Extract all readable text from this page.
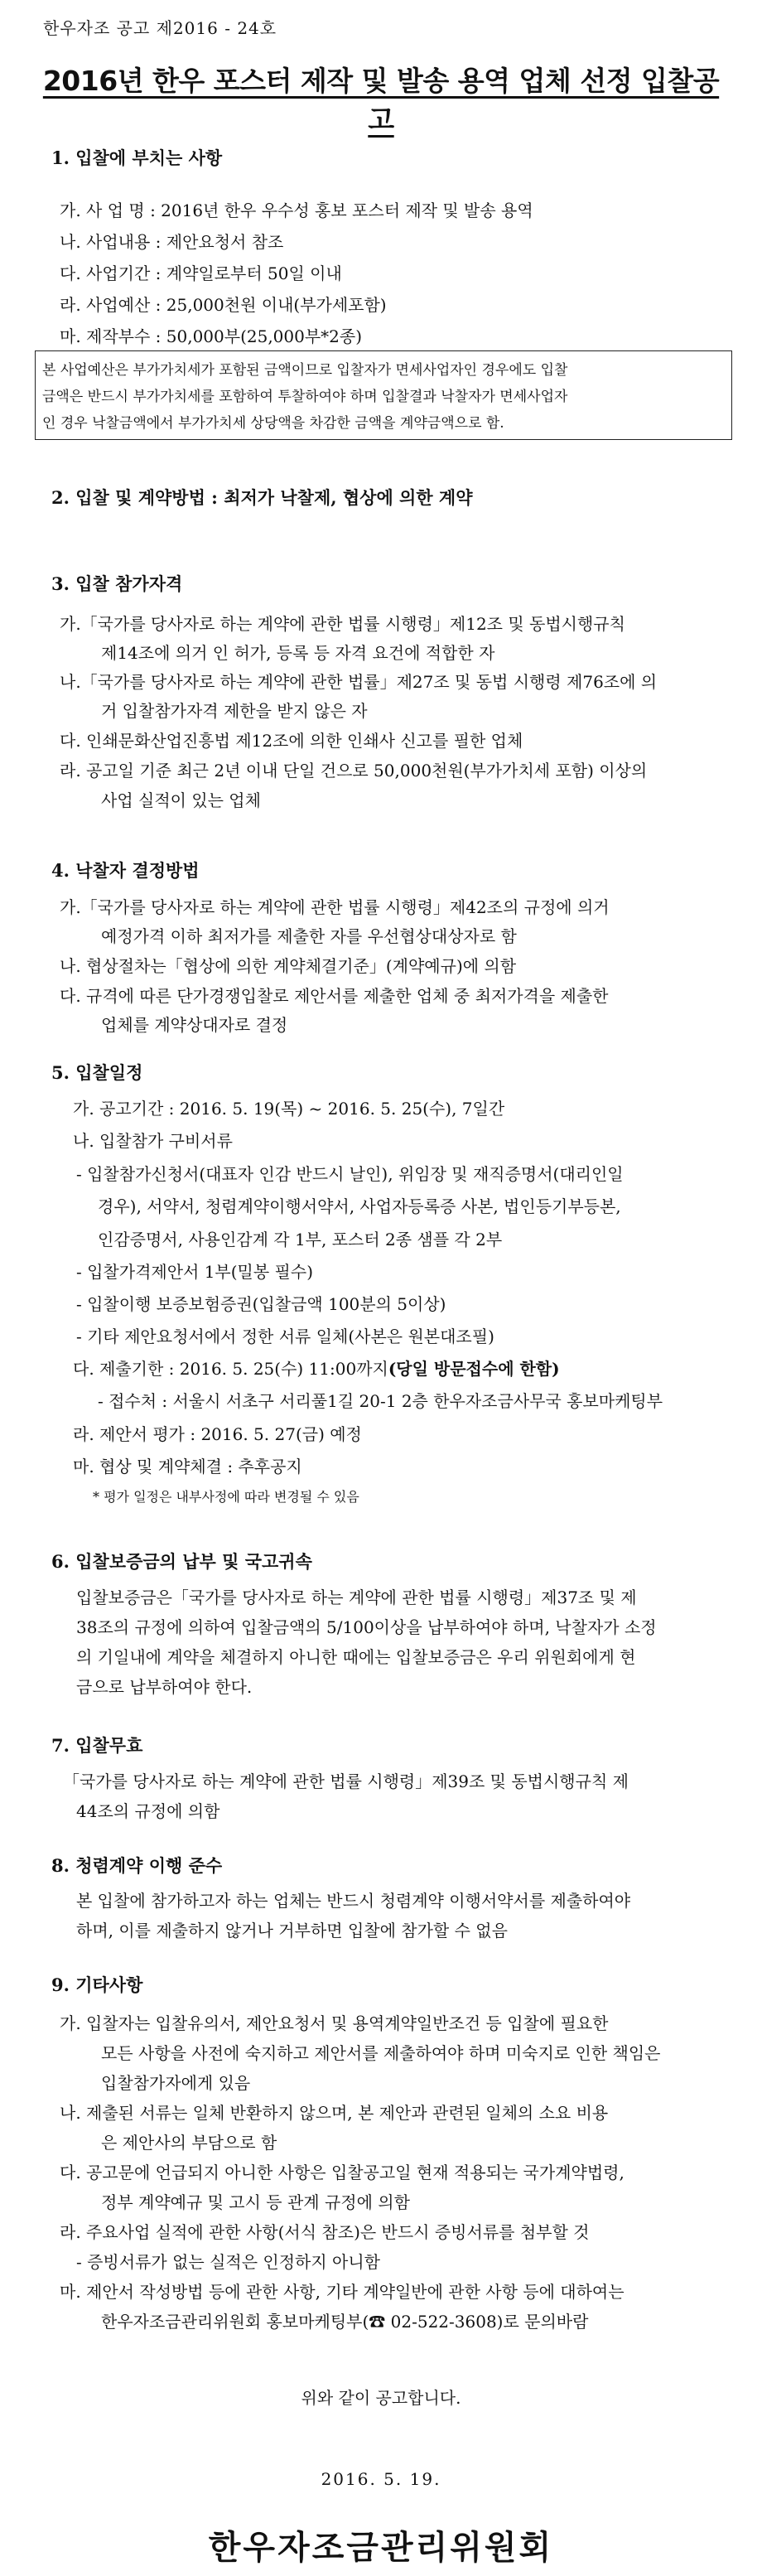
한우자조 공고 제2016 - 24호
2016년 한우 포스터 제작 및 발송 용역 업체 선정 입찰공고
1. 입찰에 부치는 사항
가. 사 업 명 : 2016년 한우 우수성 홍보 포스터 제작 및 발송 용역
나. 사업내용 : 제안요청서 참조
다. 사업기간 : 계약일로부터 50일 이내
라. 사업예산 : 25,000천원 이내(부가세포함)
마. 제작부수 : 50,000부(25,000부*2종)
본 사업예산은 부가가치세가 포함된 금액이므로 입찰자가 면세사업자인 경우에도 입찰
금액은 반드시 부가가치세를 포함하여 투찰하여야 하며 입찰결과 낙찰자가 면세사업자
인 경우 낙찰금액에서 부가가치세 상당액을 차감한 금액을 계약금액으로 함.
2. 입찰 및 계약방법 : 최저가 낙찰제, 협상에 의한 계약
3. 입찰 참가자격
가.「국가를 당사자로 하는 계약에 관한 법률 시행령」제12조 및 동법시행규칙
제14조에 의거 인 허가, 등록 등 자격 요건에 적합한 자
나.「국가를 당사자로 하는 계약에 관한 법률」제27조 및 동법 시행령 제76조에 의
거 입찰참가자격 제한을 받지 않은 자
다. 인쇄문화산업진흥법 제12조에 의한 인쇄사 신고를 필한 업체
라. 공고일 기준 최근 2년 이내 단일 건으로 50,000천원(부가가치세 포함) 이상의
사업 실적이 있는 업체
4. 낙찰자 결정방법
가.「국가를 당사자로 하는 계약에 관한 법률 시행령」제42조의 규정에 의거
예정가격 이하 최저가를 제출한 자를 우선협상대상자로 함
나. 협상절차는「협상에 의한 계약체결기준」(계약예규)에 의함
다. 규격에 따른 단가경쟁입찰로 제안서를 제출한 업체 중 최저가격을 제출한
업체를 계약상대자로 결정
5. 입찰일정
가. 공고기간 : 2016. 5. 19(목) ~ 2016. 5. 25(수), 7일간
나. 입찰참가 구비서류
- 입찰참가신청서(대표자 인감 반드시 날인), 위임장 및 재직증명서(대리인일
경우), 서약서, 청렴계약이행서약서, 사업자등록증 사본, 법인등기부등본,
인감증명서, 사용인감계 각 1부, 포스터 2종 샘플 각 2부
- 입찰가격제안서 1부(밀봉 필수)
- 입찰이행 보증보험증권(입찰금액 100분의 5이상)
- 기타 제안요청서에서 정한 서류 일체(사본은 원본대조필)
다. 제출기한 : 2016. 5. 25(수) 11:00까지(당일 방문접수에 한함)
- 접수처 : 서울시 서초구 서리풀1길 20-1 2층 한우자조금사무국 홍보마케팅부
라. 제안서 평가 : 2016. 5. 27(금) 예정
마. 협상 및 계약체결 : 추후공지
* 평가 일정은 내부사정에 따라 변경될 수 있음
6. 입찰보증금의 납부 및 국고귀속
입찰보증금은「국가를 당사자로 하는 계약에 관한 법률 시행령」제37조 및 제
38조의 규정에 의하여 입찰금액의 5/100이상을 납부하여야 하며, 낙찰자가 소정
의 기일내에 계약을 체결하지 아니한 때에는 입찰보증금은 우리 위원회에게 현
금으로 납부하여야 한다.
7. 입찰무효
「국가를 당사자로 하는 계약에 관한 법률 시행령」제39조 및 동법시행규칙 제
44조의 규정에 의함
8. 청렴계약 이행 준수
본 입찰에 참가하고자 하는 업체는 반드시 청렴계약 이행서약서를 제출하여야
하며, 이를 제출하지 않거나 거부하면 입찰에 참가할 수 없음
9. 기타사항
가. 입찰자는 입찰유의서, 제안요청서 및 용역계약일반조건 등 입찰에 필요한
모든 사항을 사전에 숙지하고 제안서를 제출하여야 하며 미숙지로 인한 책임은
입찰참가자에게 있음
나. 제출된 서류는 일체 반환하지 않으며, 본 제안과 관련된 일체의 소요 비용
은 제안사의 부담으로 함
다. 공고문에 언급되지 아니한 사항은 입찰공고일 현재 적용되는 국가계약법령,
정부 계약예규 및 고시 등 관계 규정에 의함
라. 주요사업 실적에 관한 사항(서식 참조)은 반드시 증빙서류를 첨부할 것
- 증빙서류가 없는 실적은 인정하지 아니함
마. 제안서 작성방법 등에 관한 사항, 기타 계약일반에 관한 사항 등에 대하여는
한우자조금관리위원회 홍보마케팅부(☎ 02-522-3608)로 문의바람
위와 같이 공고합니다.
2016. 5. 19.
한우자조금관리위원회
